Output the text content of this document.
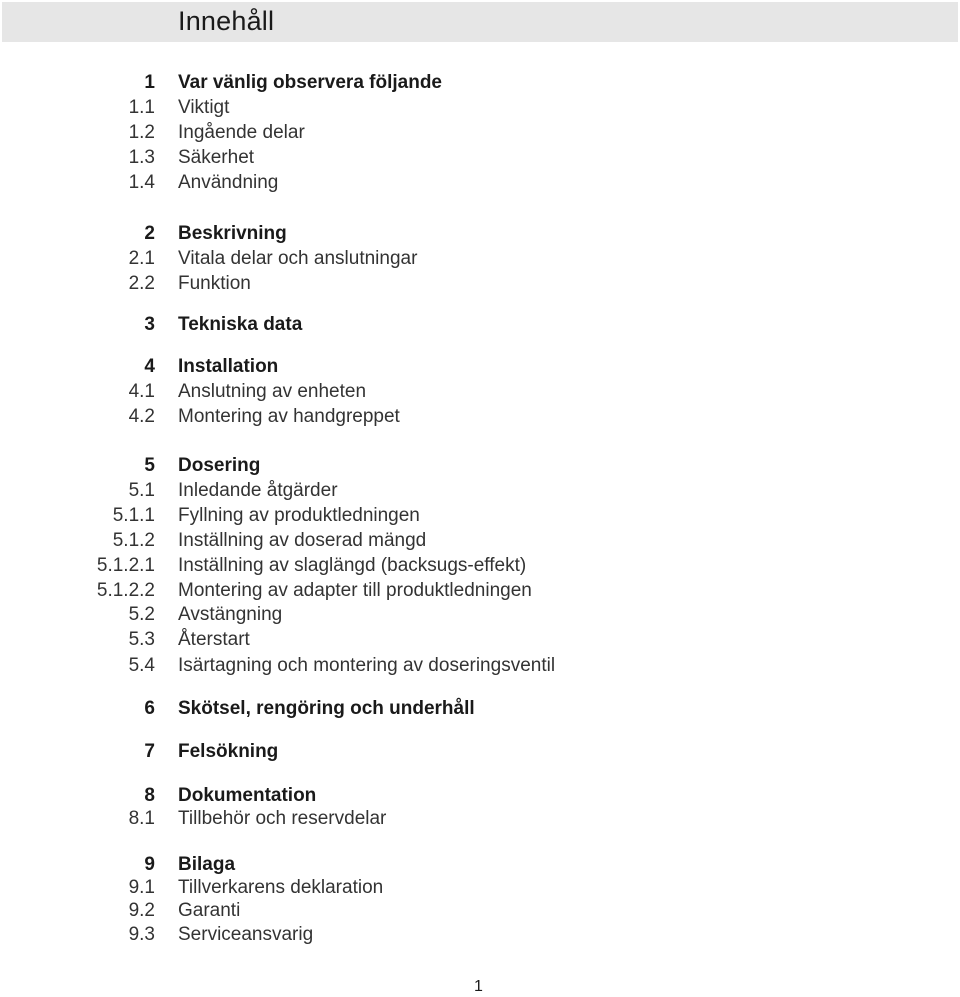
Innehåll
1 Var vänlig observera följande
1.1 Viktigt
1.2 Ingående delar
1.3 Säkerhet
1.4 Användning
2 Beskrivning
2.1 Vitala delar och anslutningar
2.2 Funktion
3 Tekniska data
4 Installation
4.1 Anslutning av enheten
4.2 Montering av handgreppet
5 Dosering
5.1 Inledande åtgärder
5.1.1 Fyllning av produktledningen
5.1.2 Inställning av doserad mängd
5.1.2.1 Inställning av slaglängd (backsugs-effekt)
5.1.2.2 Montering av adapter till produktledningen
5.2 Avstängning
5.3 Återstart
5.4 Isärtagning och montering av doseringsventil
6 Skötsel, rengöring och underhåll
7 Felsökning
8 Dokumentation
8.1 Tillbehör och reservdelar
9 Bilaga
9.1 Tillverkarens deklaration
9.2 Garanti
9.3 Serviceansvarig
1
